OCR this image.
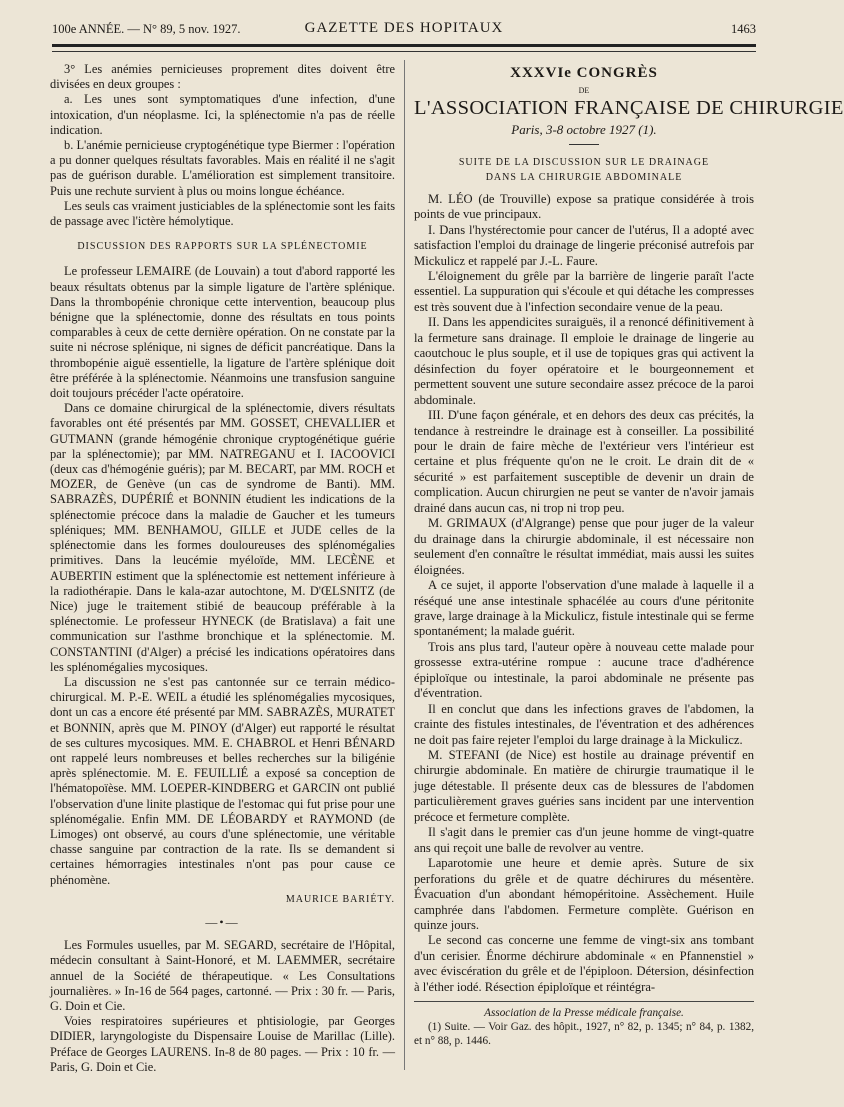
100e ANNÉE. — N° 89, 5 nov. 1927.	GAZETTE DES HOPITAUX	1463

3° Les anémies pernicieuses proprement dites doivent être divisées en deux groupes :

a. Les unes sont symptomatiques d'une infection, d'une intoxication, d'un néoplasme. Ici, la splénectomie n'a pas de réelle indication.

b. L'anémie pernicieuse cryptogénétique type Biermer : l'opération a pu donner quelques résultats favorables. Mais en réalité il ne s'agit pas de guérison durable. L'amélioration est simplement transitoire. Puis une rechute survient à plus ou moins longue échéance.

Les seuls cas vraiment justiciables de la splénectomie sont les faits de passage avec l'ictère hémolytique.

DISCUSSION DES RAPPORTS SUR LA SPLÉNECTOMIE

Le professeur LEMAIRE (de Louvain) a tout d'abord rapporté les beaux résultats obtenus par la simple ligature de l'artère splénique. Dans la thrombopénie chronique cette intervention, beaucoup plus bénigne que la splénectomie, donne des résultats en tous points comparables à ceux de cette dernière opération. On ne constate par la suite ni nécrose splénique, ni signes de déficit pancréatique. Dans la thrombopénie aiguë essentielle, la ligature de l'artère splénique doit être préférée à la splénectomie. Néanmoins une transfusion sanguine doit toujours précéder l'acte opératoire.

Dans ce domaine chirurgical de la splénectomie, divers résultats favorables ont été présentés par MM. GOSSET, CHEVALLIER et GUTMANN (grande hémogénie chronique cryptogénétique guérie par la splénectomie); par MM. NATREGANU et I. IACOOVICI (deux cas d'hémogénie guéris); par M. BECART, par MM. ROCH et MOZER, de Genève (un cas de syndrome de Banti). MM. SABRAZÈS, DUPÉRIÉ et BONNIN étudient les indications de la splénectomie précoce dans la maladie de Gaucher et les tumeurs spléniques; MM. BENHAMOU, GILLE et JUDE celles de la splénectomie dans les formes douloureuses des splénomégalies primitives. Dans la leucémie myéloïde, MM. LECÈNE et AUBERTIN estiment que la splénectomie est nettement inférieure à la radiothérapie. Dans le kala-azar autochtone, M. D'ŒLSNITZ (de Nice) juge le traitement stibié de beaucoup préférable à la splénectomie. Le professeur HYNECK (de Bratislava) a fait une communication sur l'asthme bronchique et la splénectomie. M. CONSTANTINI (d'Alger) a précisé les indications opératoires dans les splénomégalies mycosiques.

La discussion ne s'est pas cantonnée sur ce terrain médico-chirurgical. M. P.-E. WEIL a étudié les splénomégalies mycosiques, dont un cas a encore été présenté par MM. SABRAZÈS, MURATET et BONNIN, après que M. PINOY (d'Alger) eut rapporté le résultat de ses cultures mycosiques. MM. E. CHABROL et Henri BÉNARD ont rappelé leurs nombreuses et belles recherches sur la biligénie après splénectomie. M. E. FEUILLIÉ a exposé sa conception de l'hématopoïèse. MM. LOEPER-KINDBERG et GARCIN ont publié l'observation d'une linite plastique de l'estomac qui fut prise pour une splénomégalie. Enfin MM. DE LÉOBARDY et RAYMOND (de Limoges) ont observé, au cours d'une splénectomie, une véritable chasse sanguine par contraction de la rate. Ils se demandent si certaines hémorragies intestinales n'ont pas pour cause ce phénomène.

MAURICE BARIÉTY.

—•—

Les Formules usuelles, par M. SEGARD, secrétaire de l'Hôpital, médecin consultant à Saint-Honoré, et M. LAEMMER, secrétaire annuel de la Société de thérapeutique. « Les Consultations journalières. » In-16 de 564 pages, cartonné. — Prix : 30 fr. — Paris, G. Doin et Cie.

Voies respiratoires supérieures et phtisiologie, par Georges DIDIER, laryngologiste du Dispensaire Louise de Marillac (Lille). Préface de Georges LAURENS. In-8 de 80 pages. — Prix : 10 fr. — Paris, G. Doin et Cie.

XXXVIe CONGRÈS

DE

L'ASSOCIATION FRANÇAISE DE CHIRURGIE

Paris, 3-8 octobre 1927 (1).

SUITE DE LA DISCUSSION SUR LE DRAINAGE

DANS LA CHIRURGIE ABDOMINALE

M. LÉO (de Trouville) expose sa pratique considérée à trois points de vue principaux.

I. Dans l'hystérectomie pour cancer de l'utérus, Il a adopté avec satisfaction l'emploi du drainage de lingerie préconisé autrefois par Mickulicz et rappelé par J.-L. Faure.

L'éloignement du grêle par la barrière de lingerie paraît l'acte essentiel. La suppuration qui s'écoule et qui détache les compresses est très souvent due à l'infection secondaire venue de la peau.

II. Dans les appendicites suraiguës, il a renoncé définitivement à la fermeture sans drainage. Il emploie le drainage de lingerie au caoutchouc le plus souple, et il use de topiques gras qui activent la désinfection du foyer opératoire et le bourgeonnement et permettent souvent une suture secondaire assez précoce de la paroi abdominale.

III. D'une façon générale, et en dehors des deux cas précités, la tendance à restreindre le drainage est à conseiller. La possibilité pour le drain de faire mèche de l'extérieur vers l'intérieur est certaine et plus fréquente qu'on ne le croit. Le drain dit de « sécurité » est parfaitement susceptible de devenir un drain de complication. Aucun chirurgien ne peut se vanter de n'avoir jamais drainé dans aucun cas, ni trop ni trop peu.

M. GRIMAUX (d'Algrange) pense que pour juger de la valeur du drainage dans la chirurgie abdominale, il est nécessaire non seulement d'en connaître le résultat immédiat, mais aussi les suites éloignées.

A ce sujet, il apporte l'observation d'une malade à laquelle il a réséqué une anse intestinale sphacélée au cours d'une péritonite grave, large drainage à la Mickulicz, fistule intestinale qui se ferme spontanément; la malade guérit.

Trois ans plus tard, l'auteur opère à nouveau cette malade pour grossesse extra-utérine rompue : aucune trace d'adhérence épiploïque ou intestinale, la paroi abdominale ne présente pas d'éventration.

Il en conclut que dans les infections graves de l'abdomen, la crainte des fistules intestinales, de l'éventration et des adhérences ne doit pas faire rejeter l'emploi du large drainage à la Mickulicz.

M. STEFANI (de Nice) est hostile au drainage préventif en chirurgie abdominale. En matière de chirurgie traumatique il le juge détestable. Il présente deux cas de blessures de l'abdomen particulièrement graves guéries sans incident par une intervention précoce et fermeture complète.

Il s'agit dans le premier cas d'un jeune homme de vingt-quatre ans qui reçoit une balle de revolver au ventre.

Laparotomie une heure et demie après. Suture de six perforations du grêle et de quatre déchirures du mésentère. Évacuation d'un abondant hémopéritoine. Assèchement. Huile camphrée dans l'abdomen. Fermeture complète. Guérison en quinze jours.

Le second cas concerne une femme de vingt-six ans tombant d'un cerisier. Énorme déchirure abdominale « en Pfannenstiel » avec éviscération du grêle et de l'épiploon. Détersion, désinfection à l'éther iodé. Résection épiploïque et réintégra-

Association de la Presse médicale française.

(1) Suite. — Voir Gaz. des hôpit., 1927, n° 82, p. 1345; n° 84, p. 1382, et n° 88, p. 1446.
